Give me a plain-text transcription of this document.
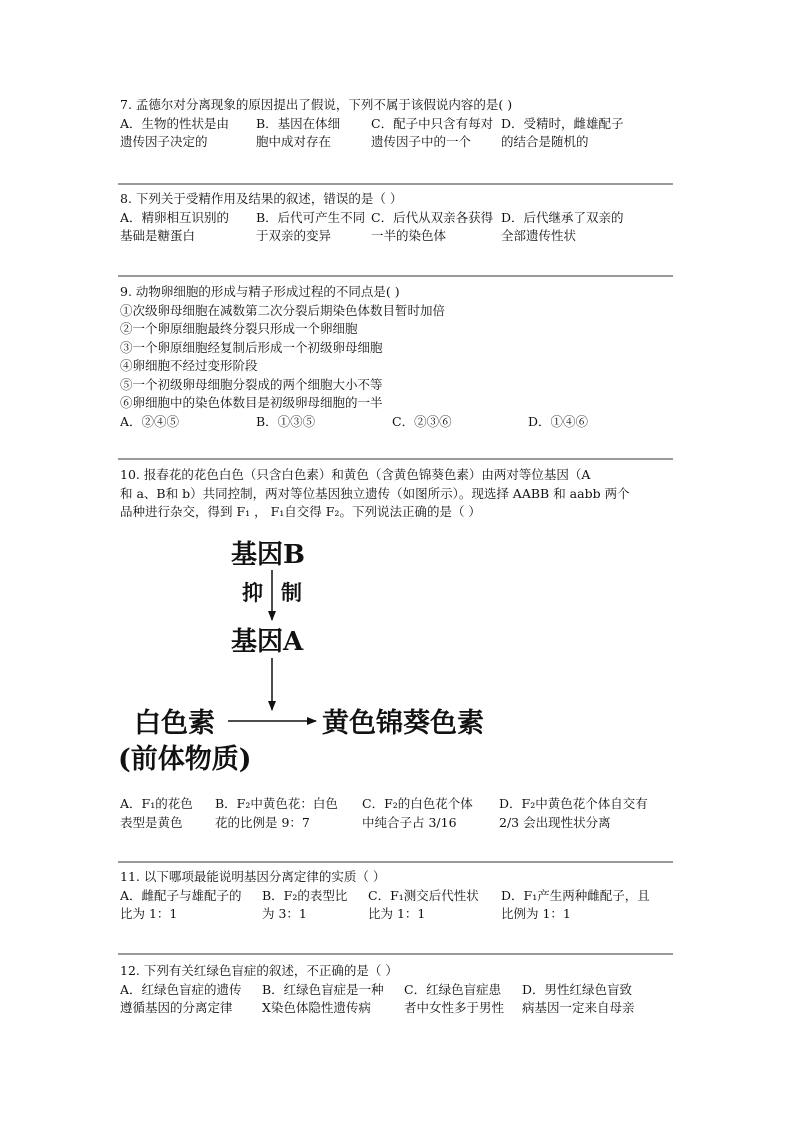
7. 孟德尔对分离现象的原因提出了假说，下列不属于该假说内容的是( )
A．生物的性状是由
遗传因子决定的
B．基因在体细
胞中成对存在
C．配子中只含有每对
遗传因子中的一个
D．受精时，雌雄配子
的结合是随机的
8. 下列关于受精作用及结果的叙述，错误的是（ ）
A．精卵相互识别的
基础是糖蛋白
B．后代可产生不同
于双亲的变异
C．后代从双亲各获得
一半的染色体
D．后代继承了双亲的
全部遗传性状
9. 动物卵细胞的形成与精子形成过程的不同点是( )
①次级卵母细胞在减数第二次分裂后期染色体数目暂时加倍
②一个卵原细胞最终分裂只形成一个卵细胞
③一个卵原细胞经复制后形成一个初级卵母细胞
④卵细胞不经过变形阶段
⑤一个初级卵母细胞分裂成的两个细胞大小不等
⑥卵细胞中的染色体数目是初级卵母细胞的一半
A．②④⑤	B．①③⑤	C．②③⑥	D．①④⑥
10. 报春花的花色白色（只含白色素）和黄色（含黄色锦葵色素）由两对等位基因（A
和 a、B和 b）共同控制，两对等位基因独立遗传（如图所示）。现选择 AABB 和 aabb 两个
品种进行杂交，得到 F₁ ， F₁自交得 F₂。下列说法正确的是（ ）
基因B
抑 制
基因A
白色素	黄色锦葵色素
(前体物质)
A．F₁的花色
表型是黄色
B．F₂中黄色花：白色
花的比例是 9：7
C．F₂的白色花个体
中纯合子占 3/16
D．F₂中黄色花个体自交有
2/3 会出现性状分离
11. 以下哪项最能说明基因分离定律的实质（ ）
A．雌配子与雄配子的
比为 1：1
B．F₂的表型比
为 3：1
C．F₁测交后代性状
比为 1：1
D．F₁产生两种雌配子，且
比例为 1：1
12. 下列有关红绿色盲症的叙述，不正确的是（ ）
A．红绿色盲症的遗传
遵循基因的分离定律
B．红绿色盲症是一种
X染色体隐性遗传病
C．红绿色盲症患
者中女性多于男性
D．男性红绿色盲致
病基因一定来自母亲
